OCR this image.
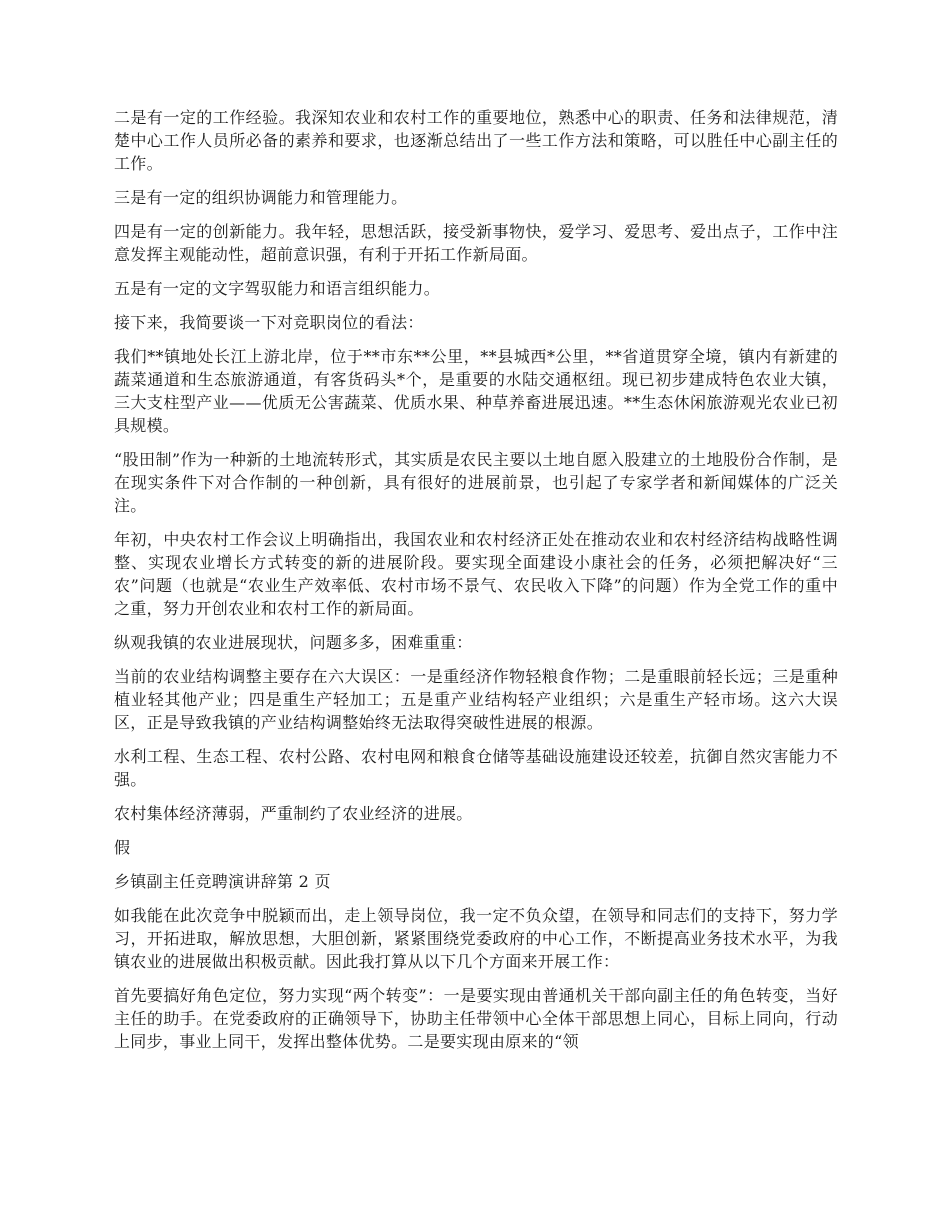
二是有一定的工作经验。我深知农业和农村工作的重要地位，熟悉中心的职责、任务和法律规范，清楚中心工作人员所必备的素养和要求，也逐渐总结出了一些工作方法和策略，可以胜任中心副主任的工作。

三是有一定的组织协调能力和管理能力。

四是有一定的创新能力。我年轻，思想活跃，接受新事物快，爱学习、爱思考、爱出点子，工作中注意发挥主观能动性，超前意识强，有利于开拓工作新局面。

五是有一定的文字驾驭能力和语言组织能力。

接下来，我简要谈一下对竞职岗位的看法：

我们**镇地处长江上游北岸，位于**市东**公里，**县城西*公里，**省道贯穿全境，镇内有新建的蔬菜通道和生态旅游通道，有客货码头*个，是重要的水陆交通枢纽。现已初步建成特色农业大镇，三大支柱型产业——优质无公害蔬菜、优质水果、种草养畜进展迅速。**生态休闲旅游观光农业已初具规模。

“股田制”作为一种新的土地流转形式，其实质是农民主要以土地自愿入股建立的土地股份合作制，是在现实条件下对合作制的一种创新，具有很好的进展前景，也引起了专家学者和新闻媒体的广泛关注。

年初，中央农村工作会议上明确指出，我国农业和农村经济正处在推动农业和农村经济结构战略性调整、实现农业增长方式转变的新的进展阶段。要实现全面建设小康社会的任务，必须把解决好“三农”问题（也就是“农业生产效率低、农村市场不景气、农民收入下降”的问题）作为全党工作的重中之重，努力开创农业和农村工作的新局面。

纵观我镇的农业进展现状，问题多多，困难重重：

当前的农业结构调整主要存在六大误区：一是重经济作物轻粮食作物；二是重眼前轻长远；三是重种植业轻其他产业；四是重生产轻加工；五是重产业结构轻产业组织；六是重生产轻市场。这六大误区，正是导致我镇的产业结构调整始终无法取得突破性进展的根源。

水利工程、生态工程、农村公路、农村电网和粮食仓储等基础设施建设还较差，抗御自然灾害能力不强。

农村集体经济薄弱，严重制约了农业经济的进展。

假

乡镇副主任竞聘演讲辞第 2 页

如我能在此次竞争中脱颖而出，走上领导岗位，我一定不负众望，在领导和同志们的支持下，努力学习，开拓进取，解放思想，大胆创新，紧紧围绕党委政府的中心工作，不断提高业务技术水平，为我镇农业的进展做出积极贡献。因此我打算从以下几个方面来开展工作：

首先要搞好角色定位，努力实现“两个转变”：一是要实现由普通机关干部向副主任的角色转变，当好主任的助手。在党委政府的正确领导下，协助主任带领中心全体干部思想上同心，目标上同向，行动上同步，事业上同干，发挥出整体优势。二是要实现由原来的“领
